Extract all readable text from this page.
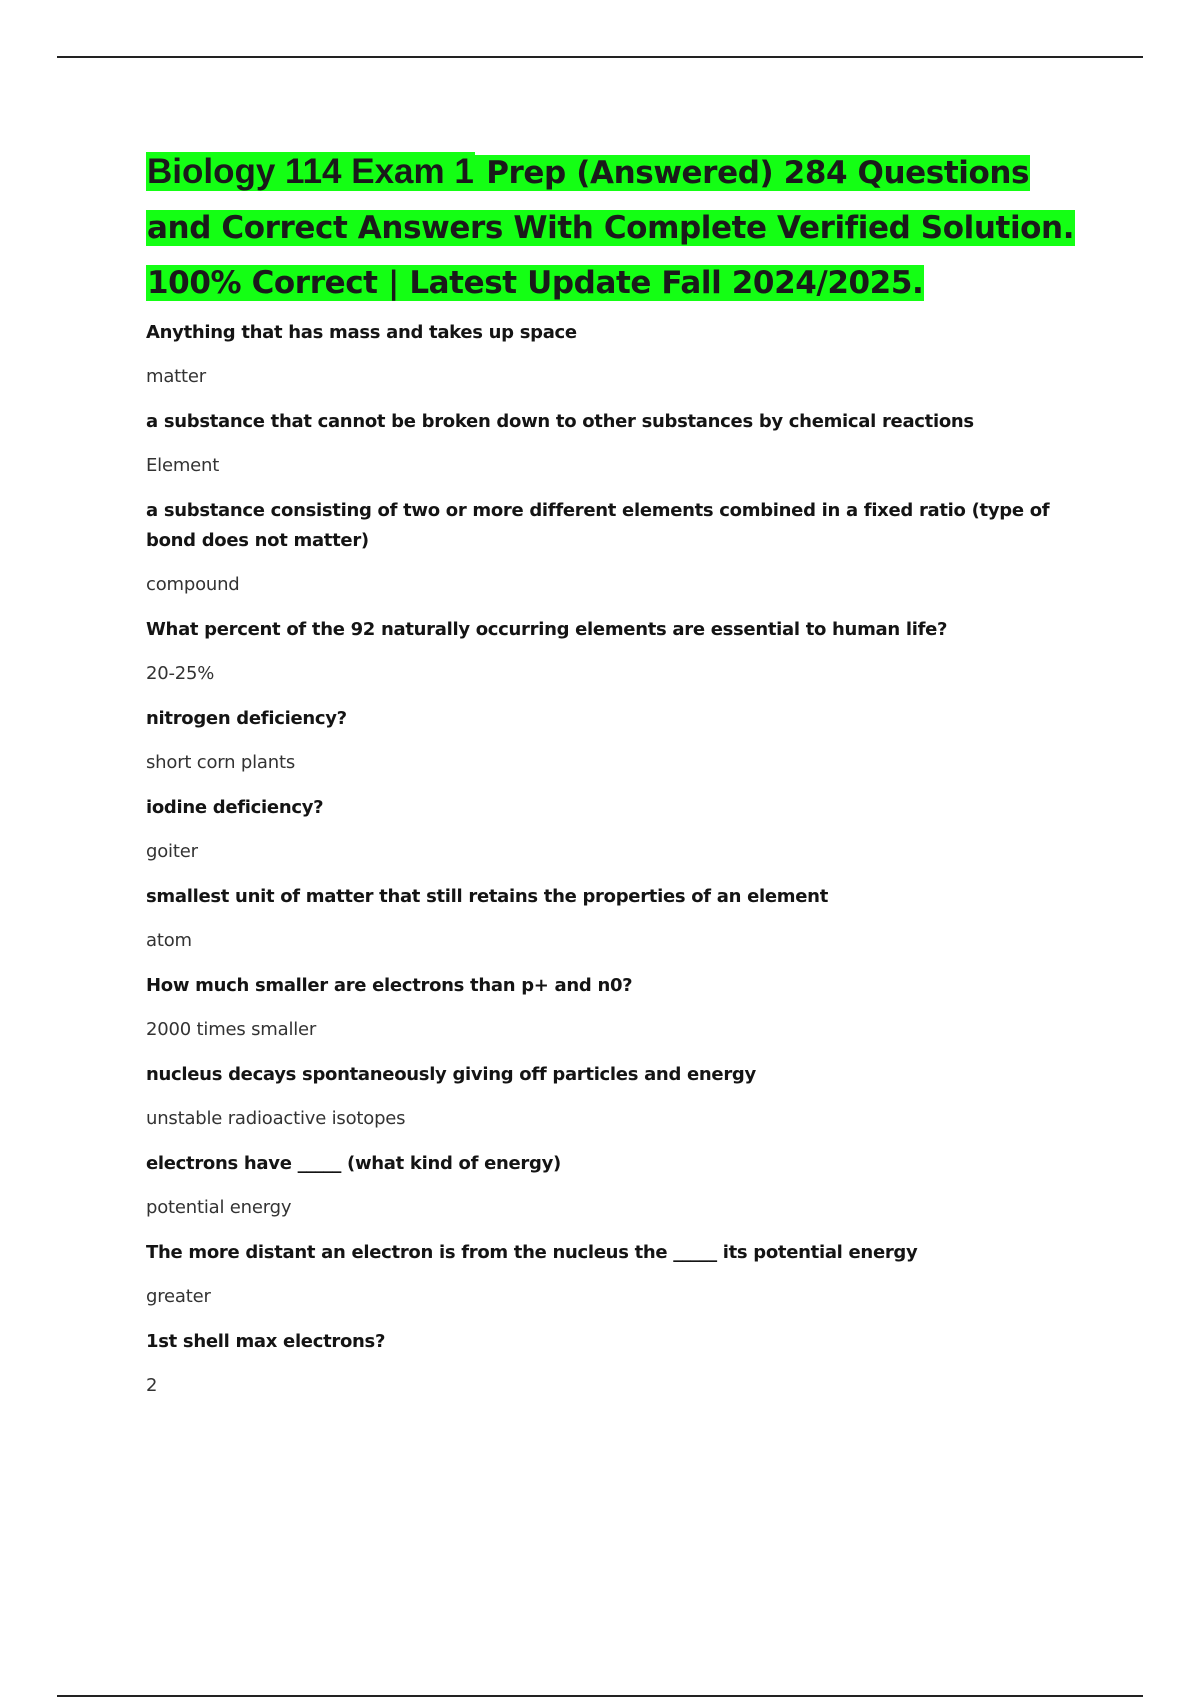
Biology 114 Exam 1 Prep (Answered) 284 Questions
and Correct Answers With Complete Verified Solution.
100% Correct | Latest Update Fall 2024/2025.
Anything that has mass and takes up space
matter
a substance that cannot be broken down to other substances by chemical reactions
Element
a substance consisting of two or more different elements combined in a fixed ratio (type of bond does not matter)
compound
What percent of the 92 naturally occurring elements are essential to human life?
20-25%
nitrogen deficiency?
short corn plants
iodine deficiency?
goiter
smallest unit of matter that still retains the properties of an element
atom
How much smaller are electrons than p+ and n0?
2000 times smaller
nucleus decays spontaneously giving off particles and energy
unstable radioactive isotopes
electrons have _____ (what kind of energy)
potential energy
The more distant an electron is from the nucleus the _____ its potential energy
greater
1st shell max electrons?
2
